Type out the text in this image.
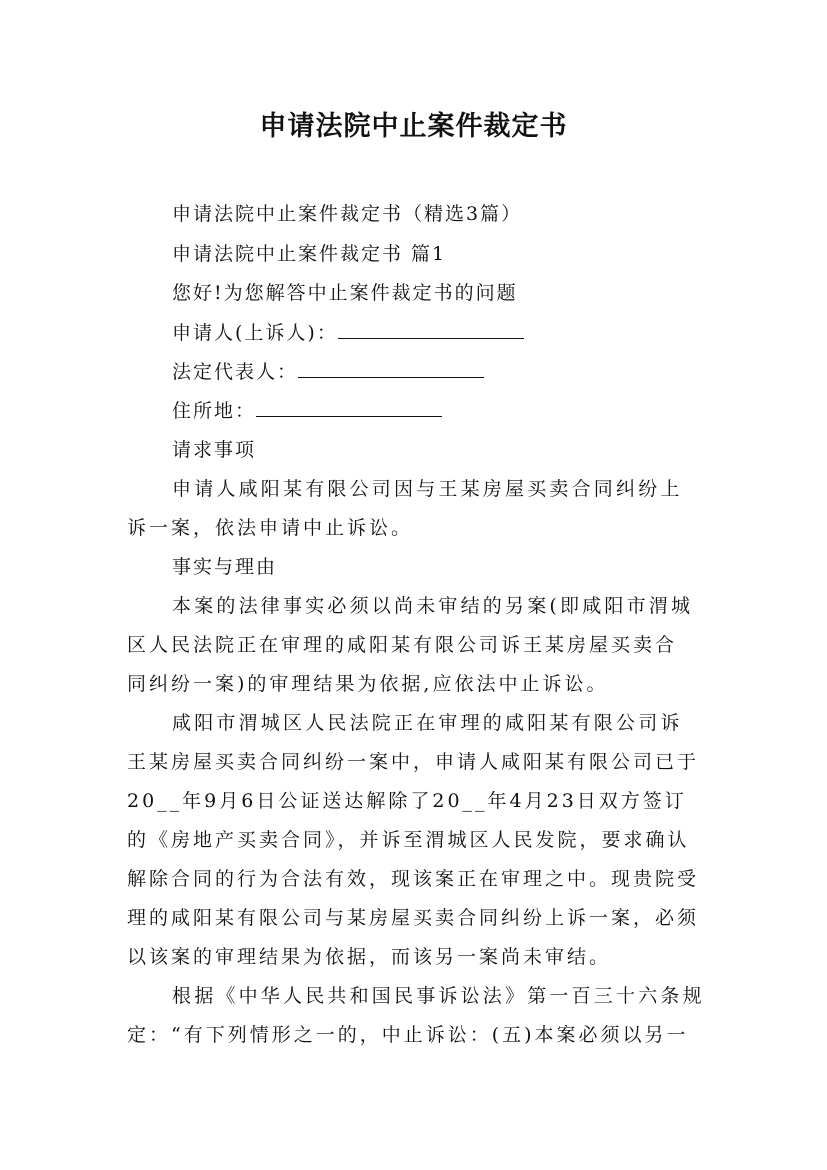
申请法院中止案件裁定书
申请法院中止案件裁定书（精选3篇）
申请法院中止案件裁定书 篇1
您好!为您解答中止案件裁定书的问题
申请人(上诉人)：
法定代表人：
住所地：
请求事项
申请人咸阳某有限公司因与王某房屋买卖合同纠纷上
诉一案，依法申请中止诉讼。
事实与理由
本案的法律事实必须以尚未审结的另案(即咸阳市渭城
区人民法院正在审理的咸阳某有限公司诉王某房屋买卖合
同纠纷一案)的审理结果为依据,应依法中止诉讼。
咸阳市渭城区人民法院正在审理的咸阳某有限公司诉
王某房屋买卖合同纠纷一案中，申请人咸阳某有限公司已于
20__年9月6日公证送达解除了20__年4月23日双方签订
的《房地产买卖合同》，并诉至渭城区人民发院，要求确认
解除合同的行为合法有效，现该案正在审理之中。现贵院受
理的咸阳某有限公司与某房屋买卖合同纠纷上诉一案，必须
以该案的审理结果为依据，而该另一案尚未审结。
根据《中华人民共和国民事诉讼法》第一百三十六条规
定：“有下列情形之一的，中止诉讼：(五)本案必须以另一
